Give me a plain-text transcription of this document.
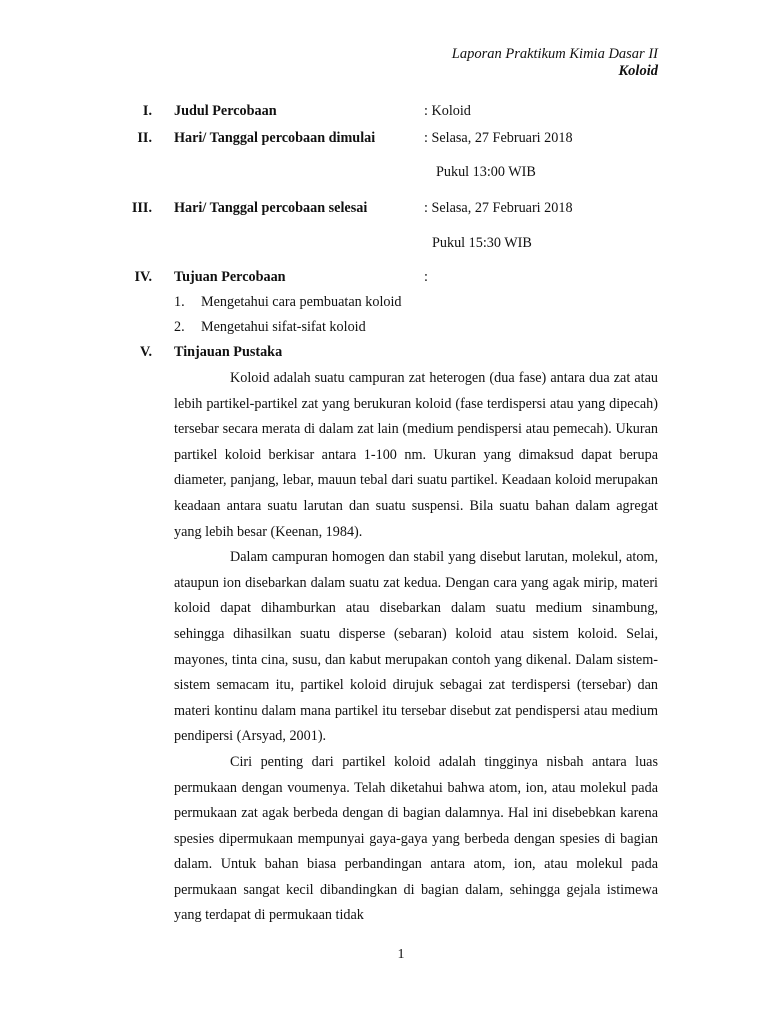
Laporan Praktikum Kimia Dasar II
Koloid
I. Judul Percobaan	: Koloid
II. Hari/ Tanggal percobaan dimulai	: Selasa, 27 Februari 2018
Pukul 13:00 WIB
III. Hari/ Tanggal percobaan selesai	: Selasa, 27 Februari 2018
Pukul 15:30 WIB
IV. Tujuan Percobaan	:
1. Mengetahui cara pembuatan koloid
2. Mengetahui sifat-sifat koloid
V. Tinjauan Pustaka

Koloid adalah suatu campuran zat heterogen (dua fase) antara dua zat atau lebih partikel-partikel zat yang berukuran koloid (fase terdispersi atau yang dipecah) tersebar secara merata di dalam zat lain (medium pendispersi atau pemecah). Ukuran partikel koloid berkisar antara 1-100 nm. Ukuran yang dimaksud dapat berupa diameter, panjang, lebar, mauun tebal dari suatu partikel. Keadaan koloid merupakan keadaan antara suatu larutan dan suatu suspensi. Bila suatu bahan dalam agregat yang lebih besar (Keenan, 1984).

Dalam campuran homogen dan stabil yang disebut larutan, molekul, atom, ataupun ion disebarkan dalam suatu zat kedua. Dengan cara yang agak mirip, materi koloid dapat dihamburkan atau disebarkan dalam suatu medium sinambung, sehingga dihasilkan suatu disperse (sebaran) koloid atau sistem koloid. Selai, mayones, tinta cina, susu, dan kabut merupakan contoh yang dikenal. Dalam sistem-sistem semacam itu, partikel koloid dirujuk sebagai zat terdispersi (tersebar) dan materi kontinu dalam mana partikel itu tersebar disebut zat pendispersi atau medium pendipersi (Arsyad, 2001).

Ciri penting dari partikel koloid adalah tingginya nisbah antara luas permukaan dengan voumenya. Telah diketahui bahwa atom, ion, atau molekul pada permukaan zat agak berbeda dengan di bagian dalamnya. Hal ini disebebkan karena spesies dipermukaan mempunyai gaya-gaya yang berbeda dengan spesies di bagian dalam. Untuk bahan biasa perbandingan antara atom, ion, atau molekul pada permukaan sangat kecil dibandingkan di bagian dalam, sehingga gejala istimewa yang terdapat di permukaan tidak

1
